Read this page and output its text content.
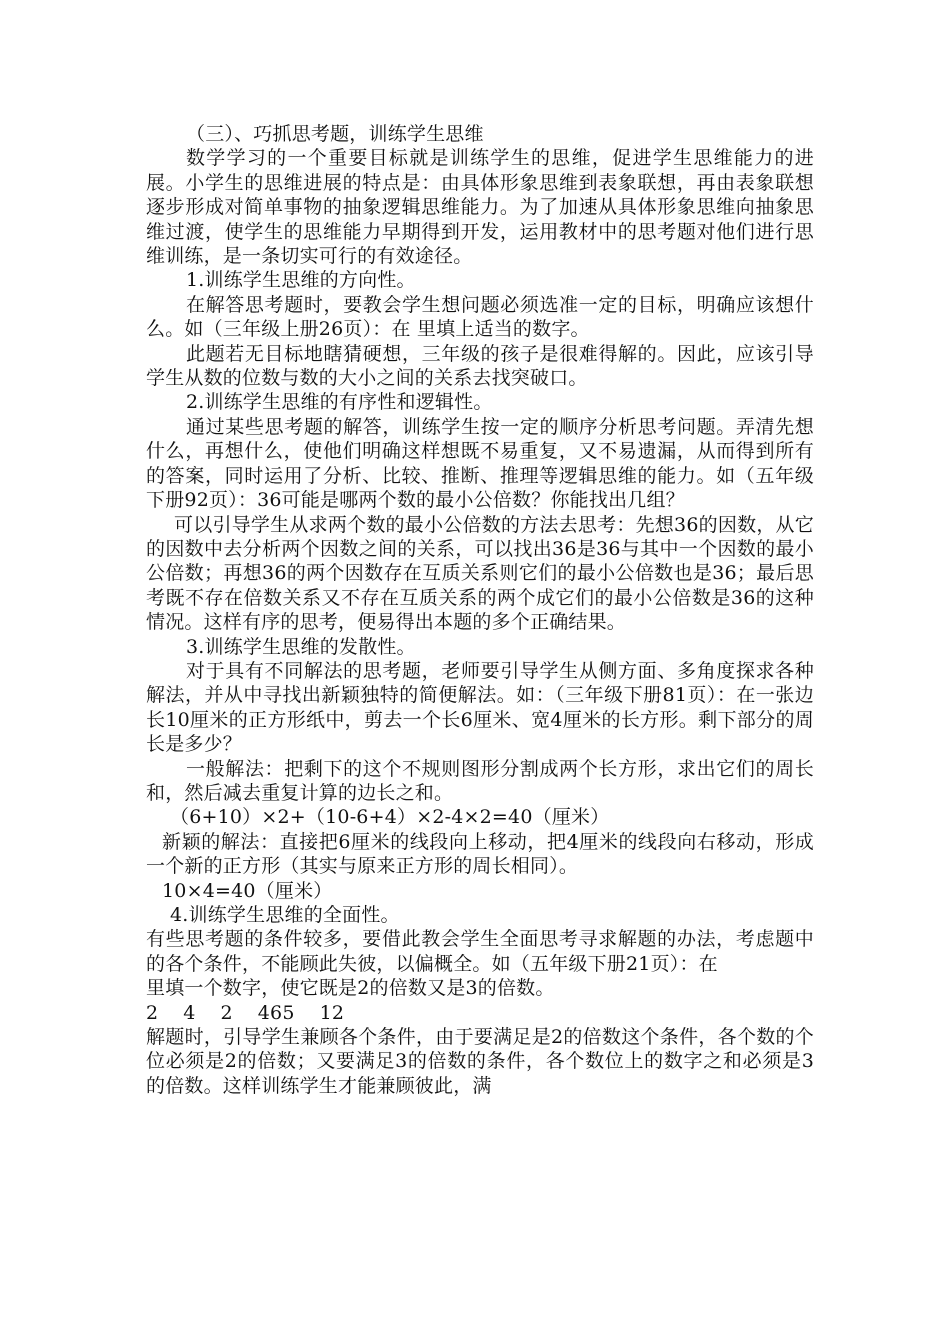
（三）、巧抓思考题，训练学生思维

数学学习的一个重要目标就是训练学生的思维，促进学生思维能力的进展。小学生的思维进展的特点是：由具体形象思维到表象联想，再由表象联想逐步形成对简单事物的抽象逻辑思维能力。为了加速从具体形象思维向抽象思维过渡，使学生的思维能力早期得到开发，运用教材中的思考题对他们进行思维训练，是一条切实可行的有效途径。

1.训练学生思维的方向性。

在解答思考题时，要教会学生想问题必须选准一定的目标，明确应该想什么。如（三年级上册26页）：在 里填上适当的数字。

此题若无目标地瞎猜硬想，三年级的孩子是很难得解的。因此，应该引导学生从数的位数与数的大小之间的关系去找突破口。

2.训练学生思维的有序性和逻辑性。

通过某些思考题的解答，训练学生按一定的顺序分析思考问题。弄清先想什么，再想什么，使他们明确这样想既不易重复，又不易遗漏，从而得到所有的答案，同时运用了分析、比较、推断、推理等逻辑思维的能力。如（五年级下册92页）：36可能是哪两个数的最小公倍数？你能找出几组？

可以引导学生从求两个数的最小公倍数的方法去思考：先想36的因数，从它的因数中去分析两个因数之间的关系，可以找出36是36与其中一个因数的最小公倍数；再想36的两个因数存在互质关系则它们的最小公倍数也是36；最后思考既不存在倍数关系又不存在互质关系的两个成它们的最小公倍数是36的这种情况。这样有序的思考，便易得出本题的多个正确结果。

3.训练学生思维的发散性。

对于具有不同解法的思考题，老师要引导学生从侧方面、多角度探求各种解法，并从中寻找出新颖独特的简便解法。如：（三年级下册81页）：在一张边长10厘米的正方形纸中，剪去一个长6厘米、宽4厘米的长方形。剩下部分的周长是多少？

一般解法：把剩下的这个不规则图形分割成两个长方形，求出它们的周长和，然后减去重复计算的边长之和。

（6+10）×2+（10-6+4）×2-4×2=40（厘米）

新颖的解法：直接把6厘米的线段向上移动，把4厘米的线段向右移动，形成一个新的正方形（其实与原来正方形的周长相同）。

10×4=40（厘米）

4.训练学生思维的全面性。

有些思考题的条件较多，要借此教会学生全面思考寻求解题的办法，考虑题中的各个条件，不能顾此失彼，以偏概全。如（五年级下册21页）：在

里填一个数字，使它既是2的倍数又是3的倍数。

2    4    2    465    12

解题时，引导学生兼顾各个条件，由于要满足是2的倍数这个条件，各个数的个位必须是2的倍数；又要满足3的倍数的条件，各个数位上的数字之和必须是3的倍数。这样训练学生才能兼顾彼此，满
